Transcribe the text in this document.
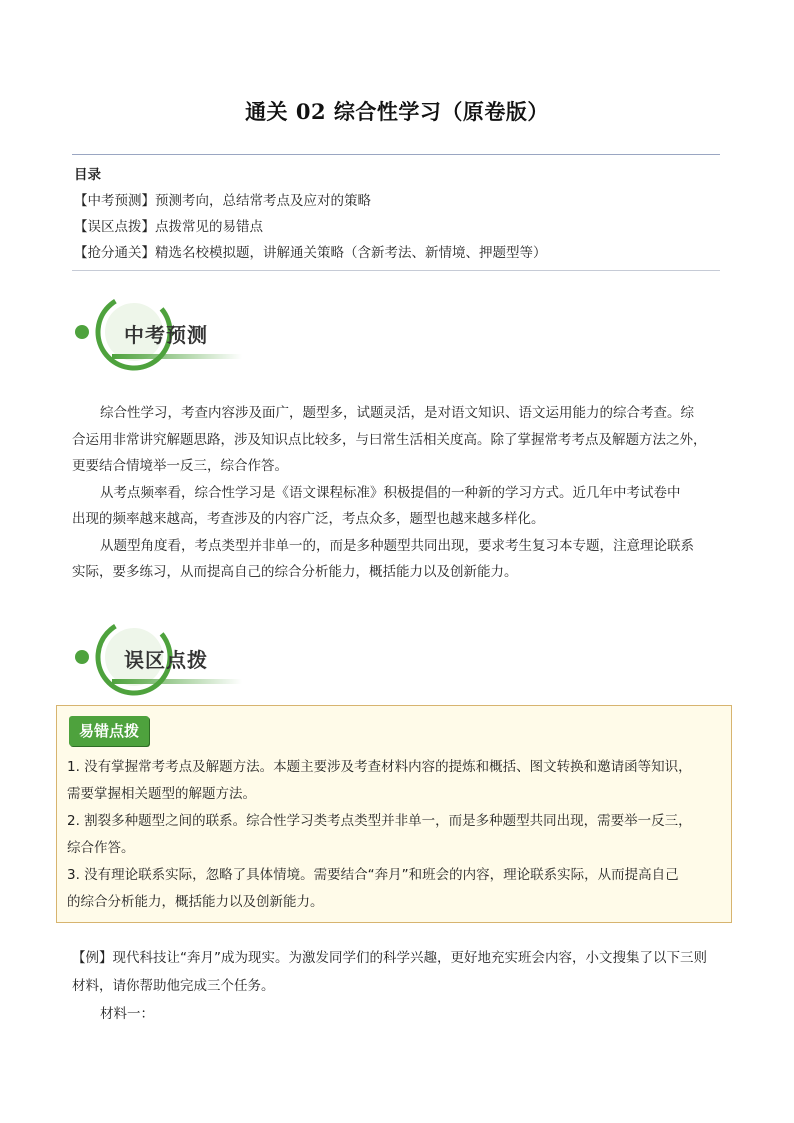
通关 02 综合性学习（原卷版）
目录
【中考预测】预测考向，总结常考点及应对的策略
【误区点拨】点拨常见的易错点
【抢分通关】精选名校模拟题，讲解通关策略（含新考法、新情境、押题型等）
中考预测
综合性学习，考查内容涉及面广，题型多，试题灵活，是对语文知识、语文运用能力的综合考查。综
合运用非常讲究解题思路，涉及知识点比较多，与曰常生活相关度高。除了掌握常考考点及解题方法之外，
更要结合情境举一反三，综合作答。
从考点频率看，综合性学习是《语文课程标准》积极提倡的一种新的学习方式。近几年中考试卷中
出现的频率越来越高，考查涉及的内容广泛，考点众多，题型也越来越多样化。
从题型角度看，考点类型并非单一的，而是多种题型共同出现，要求考生复习本专题，注意理论联系
实际，要多练习，从而提高自己的综合分析能力，概括能力以及创新能力。
误区点拨
易错点拨
1. 没有掌握常考考点及解题方法。本题主要涉及考查材料内容的提炼和概括、图文转换和邀请函等知识，
需要掌握相关题型的解题方法。
2. 割裂多种题型之间的联系。综合性学习类考点类型并非单一，而是多种题型共同出现，需要举一反三，
综合作答。
3. 没有理论联系实际，忽略了具体情境。需要结合“奔月”和班会的内容，理论联系实际，从而提高自己
的综合分析能力，概括能力以及创新能力。
【例】现代科技让“奔月”成为现实。为激发同学们的科学兴趣，更好地充实班会内容，小文搜集了以下三则
材料，请你帮助他完成三个任务。
材料一：
